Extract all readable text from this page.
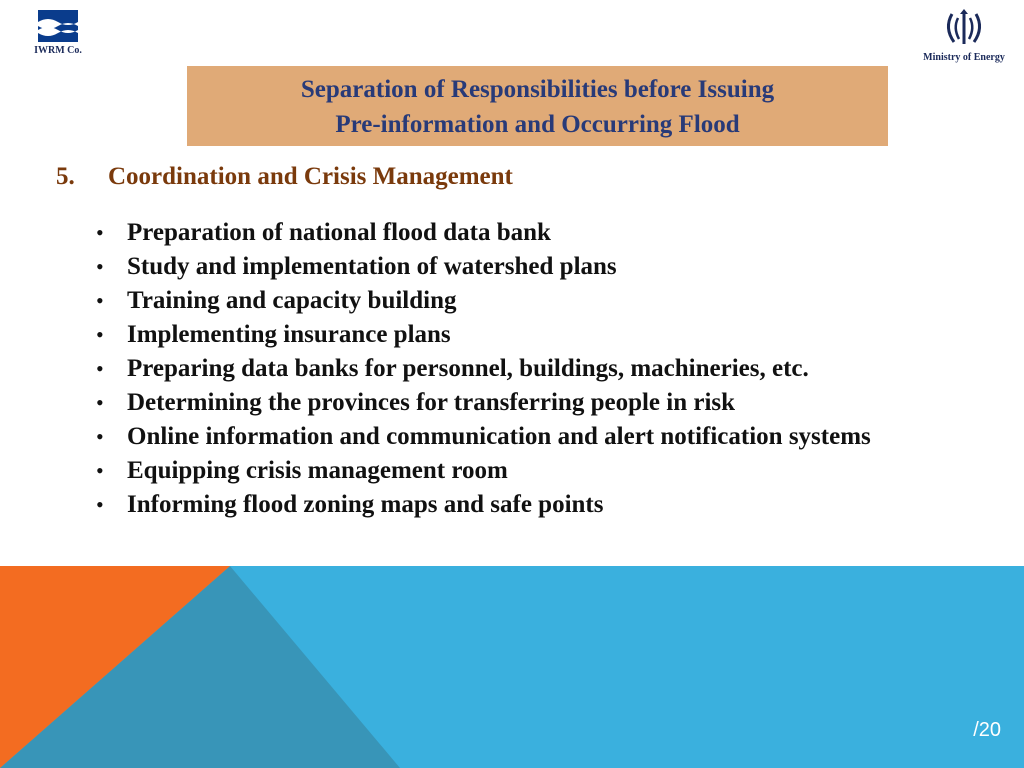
IWRM Co.
Ministry of Energy
Separation of Responsibilities before Issuing
Pre-information and Occurring Flood
5. Coordination and Crisis Management
• Preparation of national flood data bank
• Study and implementation of watershed plans
• Training and capacity building
• Implementing insurance plans
• Preparing data banks for personnel, buildings, machineries, etc.
• Determining the provinces for transferring people in risk
• Online information and communication and alert notification systems
• Equipping crisis management room
• Informing flood zoning maps and safe points
/20
